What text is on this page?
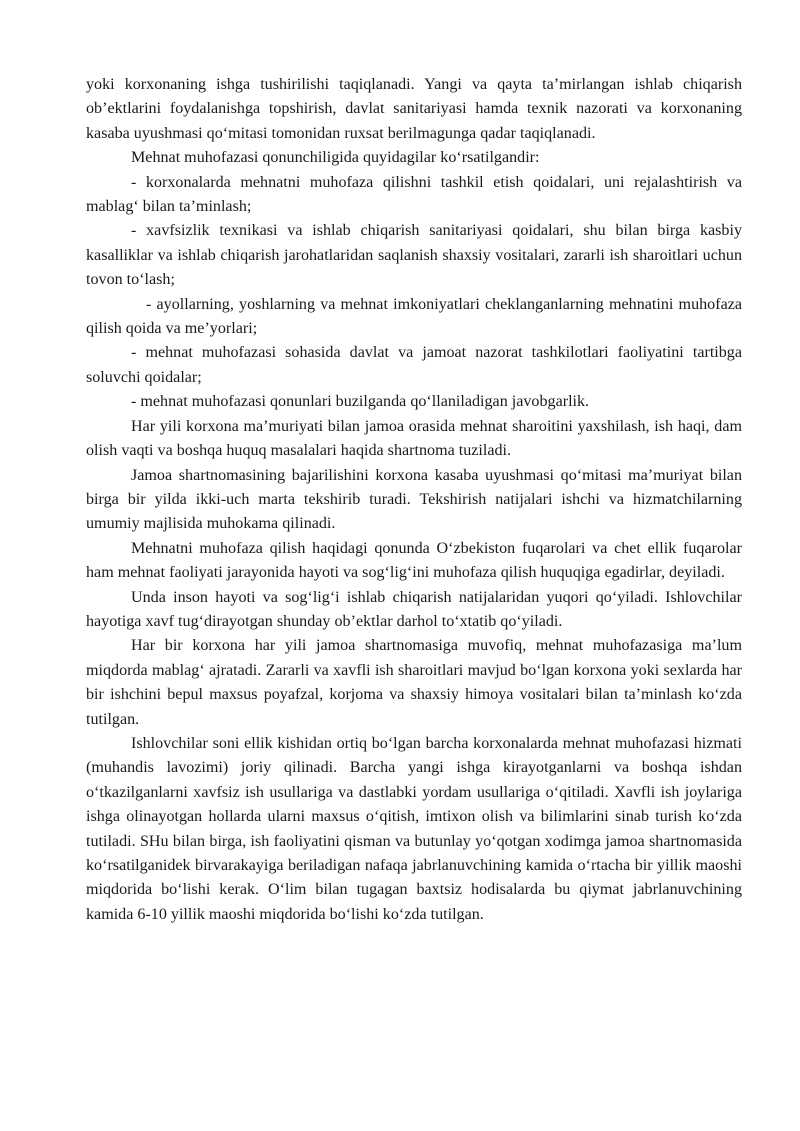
yoki korxonaning ishga tushirilishi taqiqlanadi. Yangi va qayta taʼmirlangan ishlab chiqarish obʼektlarini foydalanishga topshirish, davlat sanitariyasi hamda texnik nazorati va korxonaning kasaba uyushmasi qoʻmitasi tomonidan ruxsat berilmagunga qadar taqiqlanadi.

Mehnat muhofazasi qonunchiligida quyidagilar koʻrsatilgandir:

- korxonalarda mehnatni muhofaza qilishni tashkil etish qoidalari, uni rejalashtirish va mablagʻ bilan taʼminlash;

- xavfsizlik texnikasi va ishlab chiqarish sanitariyasi qoidalari, shu bilan birga kasbiy kasalliklar va ishlab chiqarish jarohatlaridan saqlanish shaxsiy vositalari, zararli ish sharoitlari uchun tovon toʻlash;

- ayollarning, yoshlarning va mehnat imkoniyatlari cheklanganlarning mehnatini muhofaza qilish qoida va meʼyorlari;

- mehnat muhofazasi sohasida davlat va jamoat nazorat tashkilotlari faoliyatini tartibga soluvchi qoidalar;

- mehnat muhofazasi qonunlari buzilganda qoʻllaniladigan javobgarlik.

Har yili korxona maʼmuriyati bilan jamoa orasida mehnat sharoitini yaxshilash, ish haqi, dam olish vaqti va boshqa huquq masalalari haqida shartnoma tuziladi.

Jamoa shartnomasining bajarilishini korxona kasaba uyushmasi qoʻmitasi maʼmuriyat bilan birga bir yilda ikki-uch marta tekshirib turadi. Tekshirish natijalari ishchi va hizmatchilarning umumiy majlisida muhokama qilinadi.

Mehnatni muhofaza qilish haqidagi qonunda Oʻzbekiston fuqarolari va chet ellik fuqarolar ham mehnat faoliyati jarayonida hayoti va sogʻligʻini muhofaza qilish huquqiga egadirlar, deyiladi.

Unda inson hayoti va sogʻligʻi ishlab chiqarish natijalaridan yuqori qoʻyiladi. Ishlovchilar hayotiga xavf tugʻdirayotgan shunday obʼektlar darhol toʻxtatib qoʻyiladi.

Har bir korxona har yili jamoa shartnomasiga muvofiq, mehnat muhofazasiga maʼlum miqdorda mablagʻ ajratadi. Zararli va xavfli ish sharoitlari mavjud boʻlgan korxona yoki sexlarda har bir ishchini bepul maxsus poyafzal, korjoma va shaxsiy himoya vositalari bilan taʼminlash koʻzda tutilgan.

Ishlovchilar soni ellik kishidan ortiq boʻlgan barcha korxonalarda mehnat muhofazasi hizmati (muhandis lavozimi) joriy qilinadi. Barcha yangi ishga kirayotganlarni va boshqa ishdan oʻtkazilganlarni xavfsiz ish usullariga va dastlabki yordam usullariga oʻqitiladi. Xavfli ish joylariga ishga olinayotgan hollarda ularni maxsus oʻqitish, imtixon olish va bilimlarini sinab turish koʻzda tutiladi. SHu bilan birga, ish faoliyatini qisman va butunlay yoʻqotgan xodimga jamoa shartnomasida koʻrsatilganidek birvarakayiga beriladigan nafaqa jabrlanuvchining kamida oʻrtacha bir yillik maoshi miqdorida boʻlishi kerak. Oʻlim bilan tugagan baxtsiz hodisalarda bu qiymat jabrlanuvchining kamida 6-10 yillik maoshi miqdorida boʻlishi koʻzda tutilgan.
